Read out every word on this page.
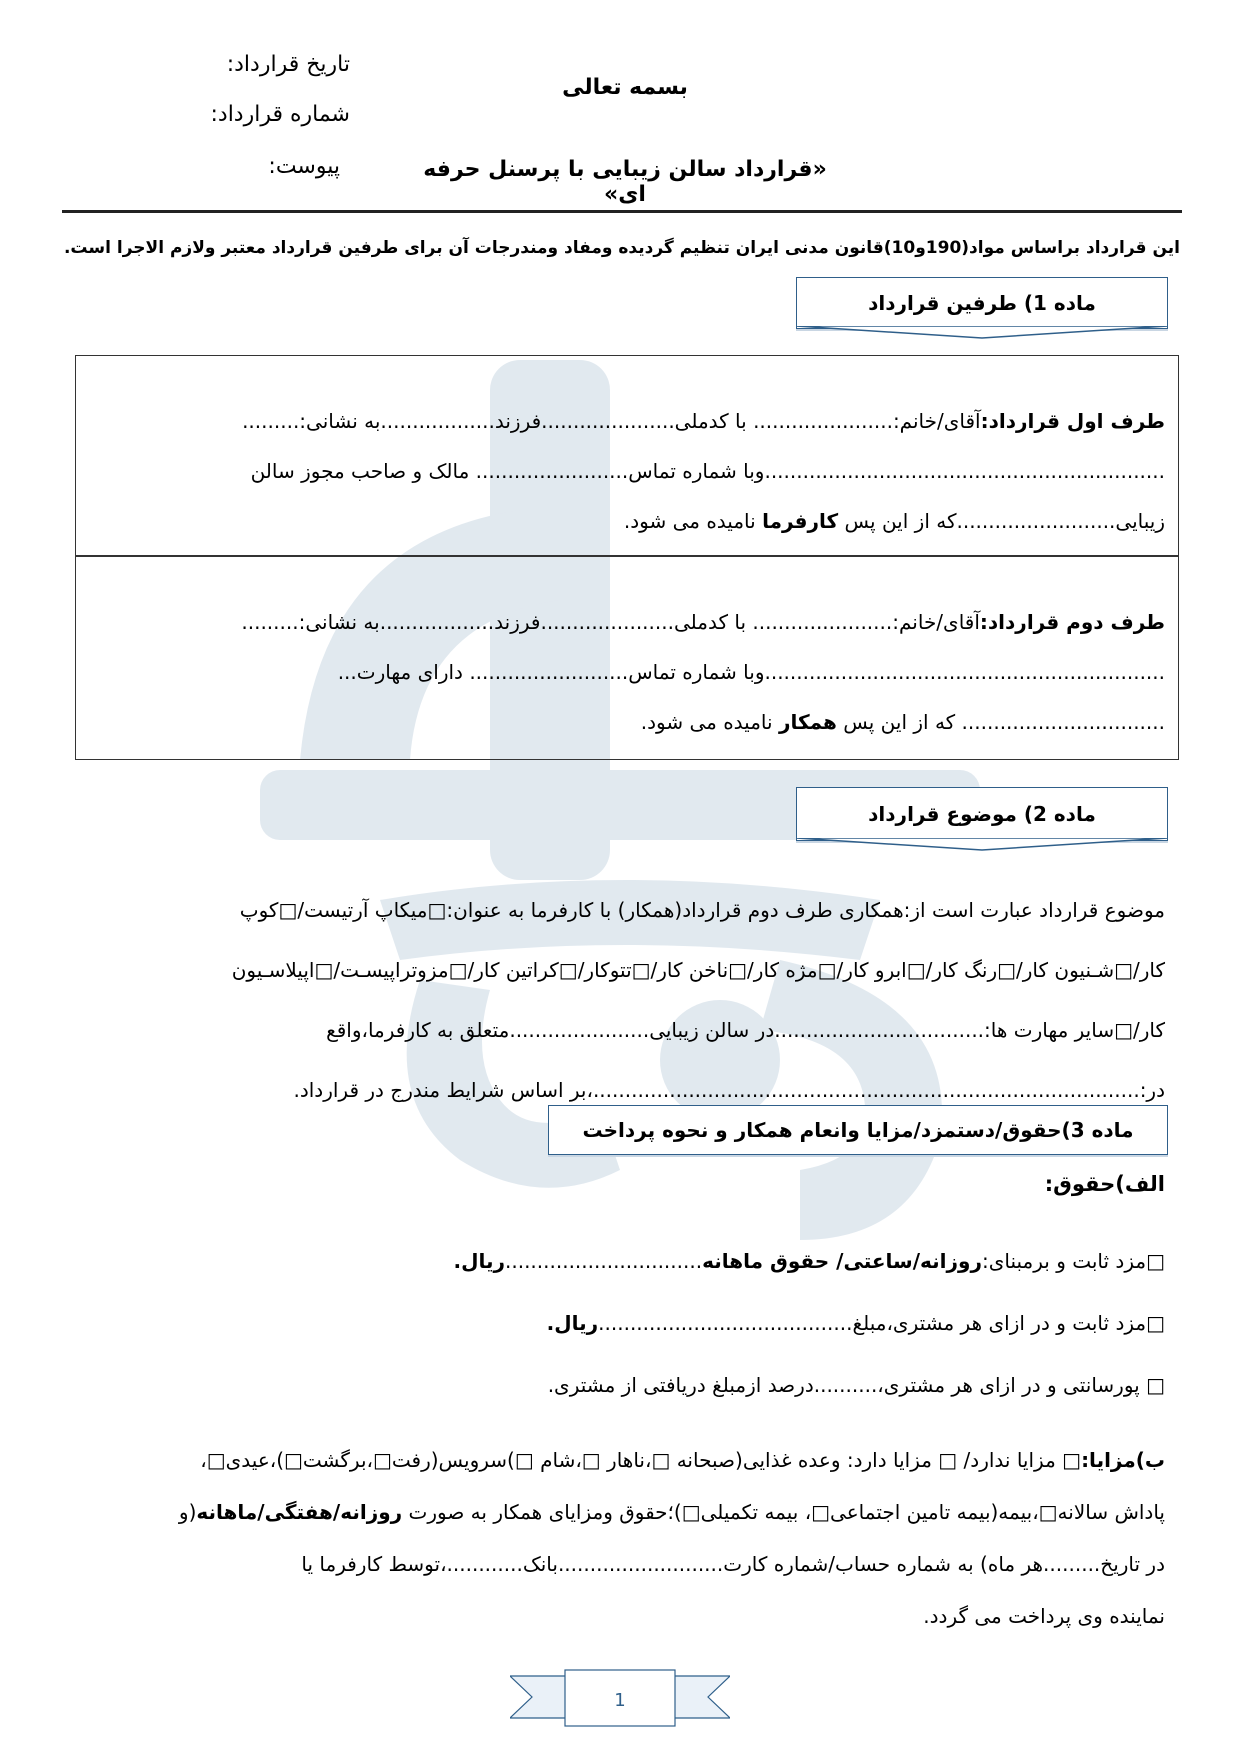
تاریخ قرارداد:
شماره قرارداد:
پیوست:
بسمه تعالی
«قرارداد سالن زیبایی با پرسنل حرفه ای»
این قرارداد براساس مواد(190و10)قانون مدنی ایران تنظیم گردیده ومفاد ومندرجات آن برای طرفین قرارداد معتبر ولازم الاجرا است.
ماده 1) طرفین قرارداد
طرف اول قرارداد:آقای/خانم:...................... با کدملی.....................فرزند..................به نشانی:.........
...............................................................وبا شماره تماس........................ مالک و صاحب مجوز سالن
زیبایی.........................که از این پس کارفرما نامیده می شود.
طرف دوم قرارداد:آقای/خانم:...................... با کدملی.....................فرزند..................به نشانی:.........
...............................................................وبا شماره تماس......................... دارای مهارت...
................................ که از این پس همکار نامیده می شود.
ماده 2) موضوع قرارداد
موضوع قرارداد عبارت است از:همکاری طرف دوم قرارداد(همکار) با کارفرما به عنوان:□میکاپ آرتیست/□کوپ
کار/□شـنیون کار/□رنگ کار/□ابرو کار/□مژه کار/□ناخن کار/□تتوکار/□کراتین کار/□مزوتراپیسـت/□اپیلاسـیون
کار/□سایر مهارت ها:.................................در سالن زیبایی......................متعلق به کارفرما،واقع
در:......................................................................................،بر اساس شرایط مندرج در قرارداد.
ماده 3)حقوق/دستمزد/مزایا وانعام همکار و نحوه پرداخت
الف)حقوق:
□مزد ثابت و برمبنای:روزانه/ساعتی/ حقوق ماهانه...............................ریال.
□مزد ثابت و در ازای هر مشتری،مبلغ........................................ریال.
□ پورسانتی و در ازای هر مشتری،..........درصد ازمبلغ دریافتی از مشتری.
ب)مزایا:□ مزایا ندارد/ □ مزایا دارد: وعده غذایی(صبحانه □،ناهار □،شام □)سرویس(رفت□،برگشت□)،عیدی□،
پاداش سالانه□،بیمه(بیمه تامین اجتماعی□، بیمه تکمیلی□)؛حقوق ومزایای همکار به صورت روزانه/هفتگی/ماهانه(و
در تاریخ.........هر ماه) به شماره حساب/شماره کارت..........................بانک............،توسط کارفرما یا
نماینده وی پرداخت می گردد.
1
